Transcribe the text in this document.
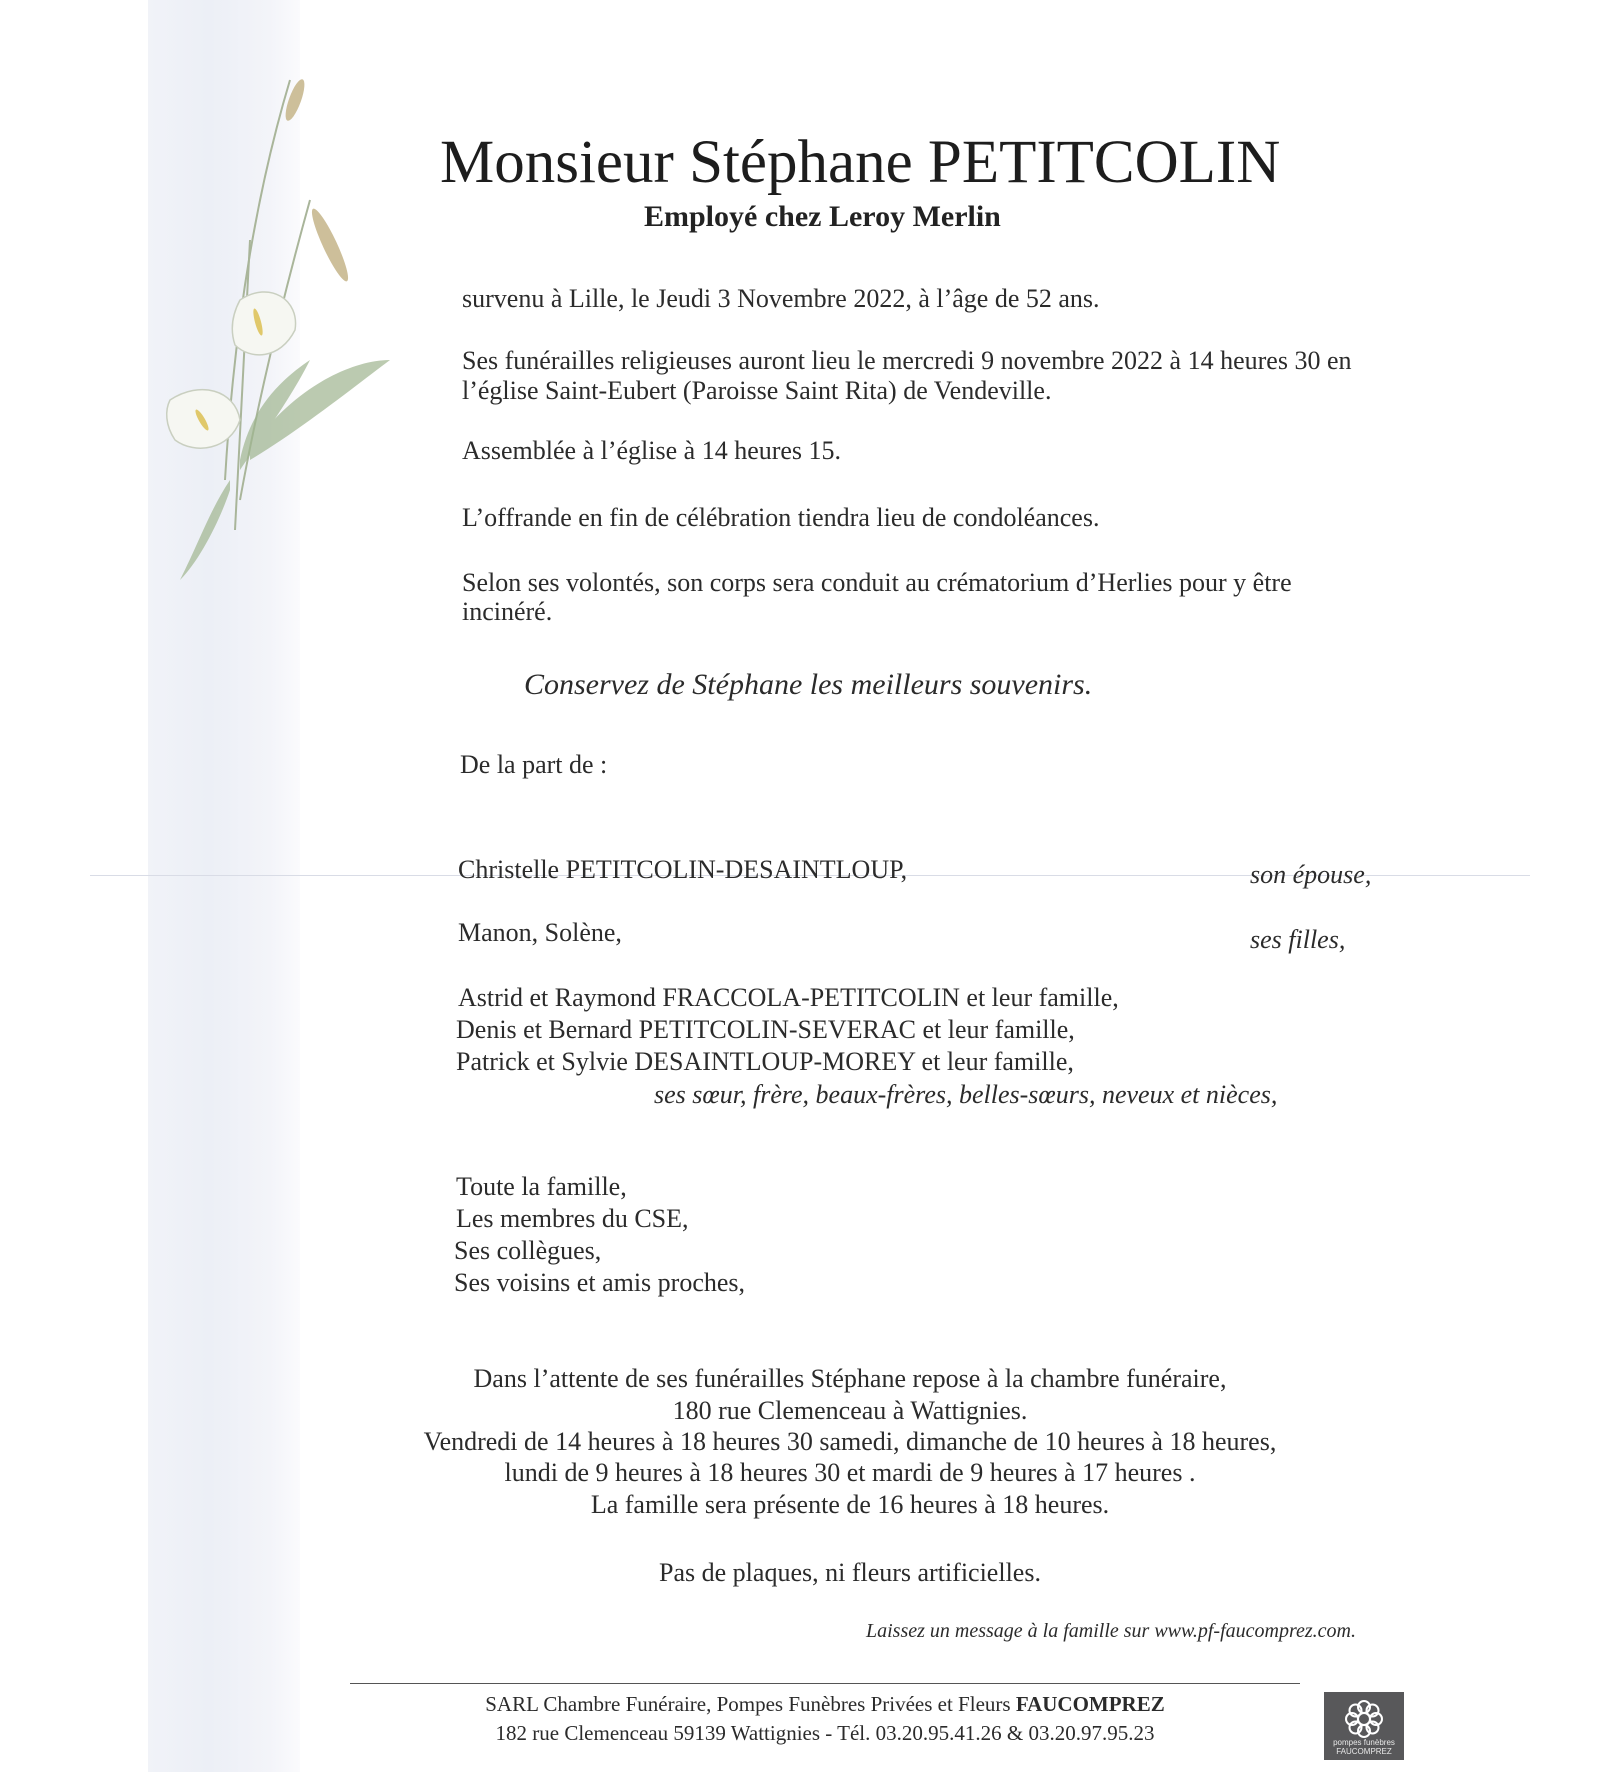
Monsieur Stéphane PETITCOLIN
Employé chez Leroy Merlin
survenu à Lille, le Jeudi 3 Novembre 2022, à l’âge de 52 ans.
Ses funérailles religieuses auront lieu le mercredi 9 novembre 2022 à 14 heures 30 en
l’église Saint-Eubert (Paroisse Saint Rita) de Vendeville.
Assemblée à l’église à 14 heures 15.
L’offrande en fin de célébration tiendra lieu de condoléances.
Selon ses volontés, son corps sera conduit au crématorium d’Herlies pour y être
incinéré.
Conservez de Stéphane les meilleurs souvenirs.
De la part de :
Christelle PETITCOLIN-DESAINTLOUP,	son épouse,
Manon, Solène,	ses filles,
Astrid et Raymond FRACCOLA-PETITCOLIN et leur famille,
Denis et Bernard PETITCOLIN-SEVERAC et leur famille,
Patrick et Sylvie DESAINTLOUP-MOREY et leur famille,
ses sœur, frère, beaux-frères, belles-sœurs, neveux et nièces,
Toute la famille,
Les membres du CSE,
Ses collègues,
Ses voisins et amis proches,
Dans l’attente de ses funérailles Stéphane repose à la chambre funéraire,
180 rue Clemenceau à Wattignies.
Vendredi de 14 heures à 18 heures 30 samedi, dimanche de 10 heures à 18 heures,
lundi de 9 heures à 18 heures 30 et mardi de 9 heures à 17 heures .
La famille sera présente de 16 heures à 18 heures.
Pas de plaques, ni fleurs artificielles.
Laissez un message à la famille sur www.pf-faucomprez.com.
SARL Chambre Funéraire, Pompes Funèbres Privées et Fleurs FAUCOMPREZ
182 rue Clemenceau 59139 Wattignies - Tél. 03.20.95.41.26 & 03.20.97.95.23	pompes funèbres
FAUCOMPREZ
